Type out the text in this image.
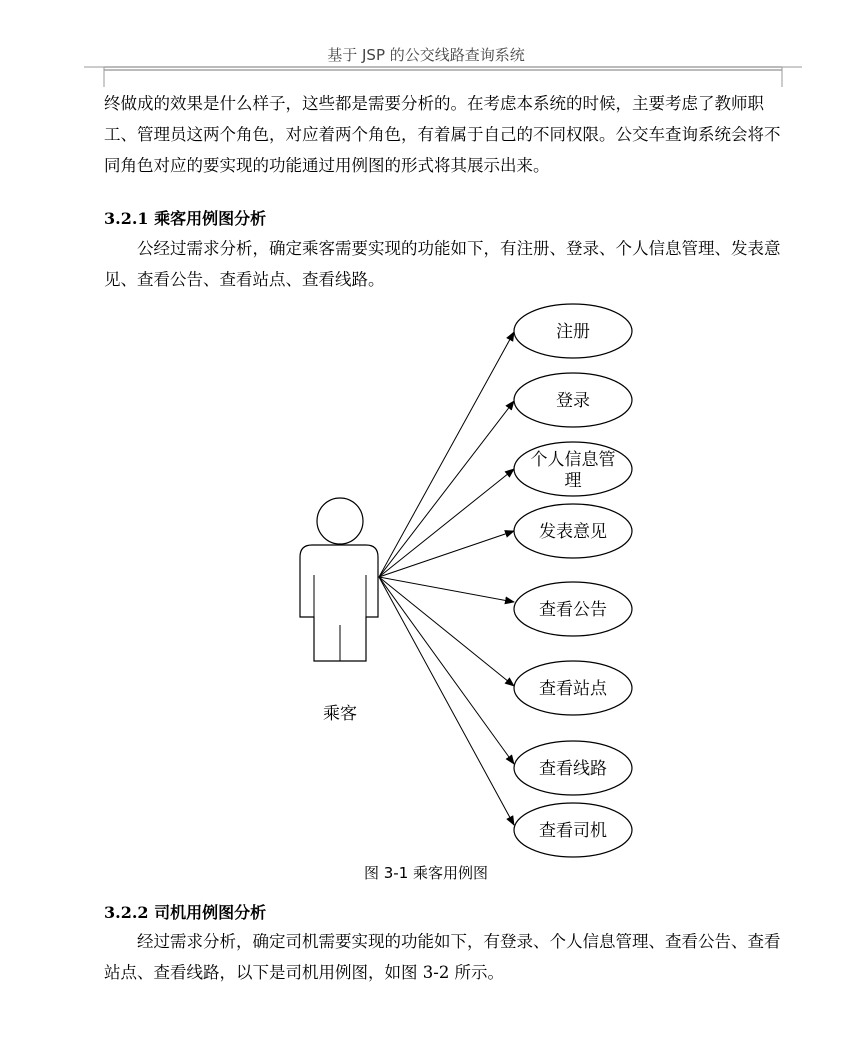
基于 JSP 的公交线路查询系统

终做成的效果是什么样子，这些都是需要分析的。在考虑本系统的时候，主要考虑了教师职工、管理员这两个角色，对应着两个角色，有着属于自己的不同权限。公交车查询系统会将不同角色对应的要实现的功能通过用例图的形式将其展示出来。

3.2.1 乘客用例图分析

公经过需求分析，确定乘客需要实现的功能如下，有注册、登录、个人信息管理、发表意见、查看公告、查看站点、查看线路。

乘客
注册
登录
个人信息管
理
发表意见
查看公告
查看站点
查看线路
查看司机
图 3-1 乘客用例图

3.2.2 司机用例图分析

经过需求分析，确定司机需要实现的功能如下，有登录、个人信息管理、查看公告、查看站点、查看线路，以下是司机用例图，如图 3-2 所示。
